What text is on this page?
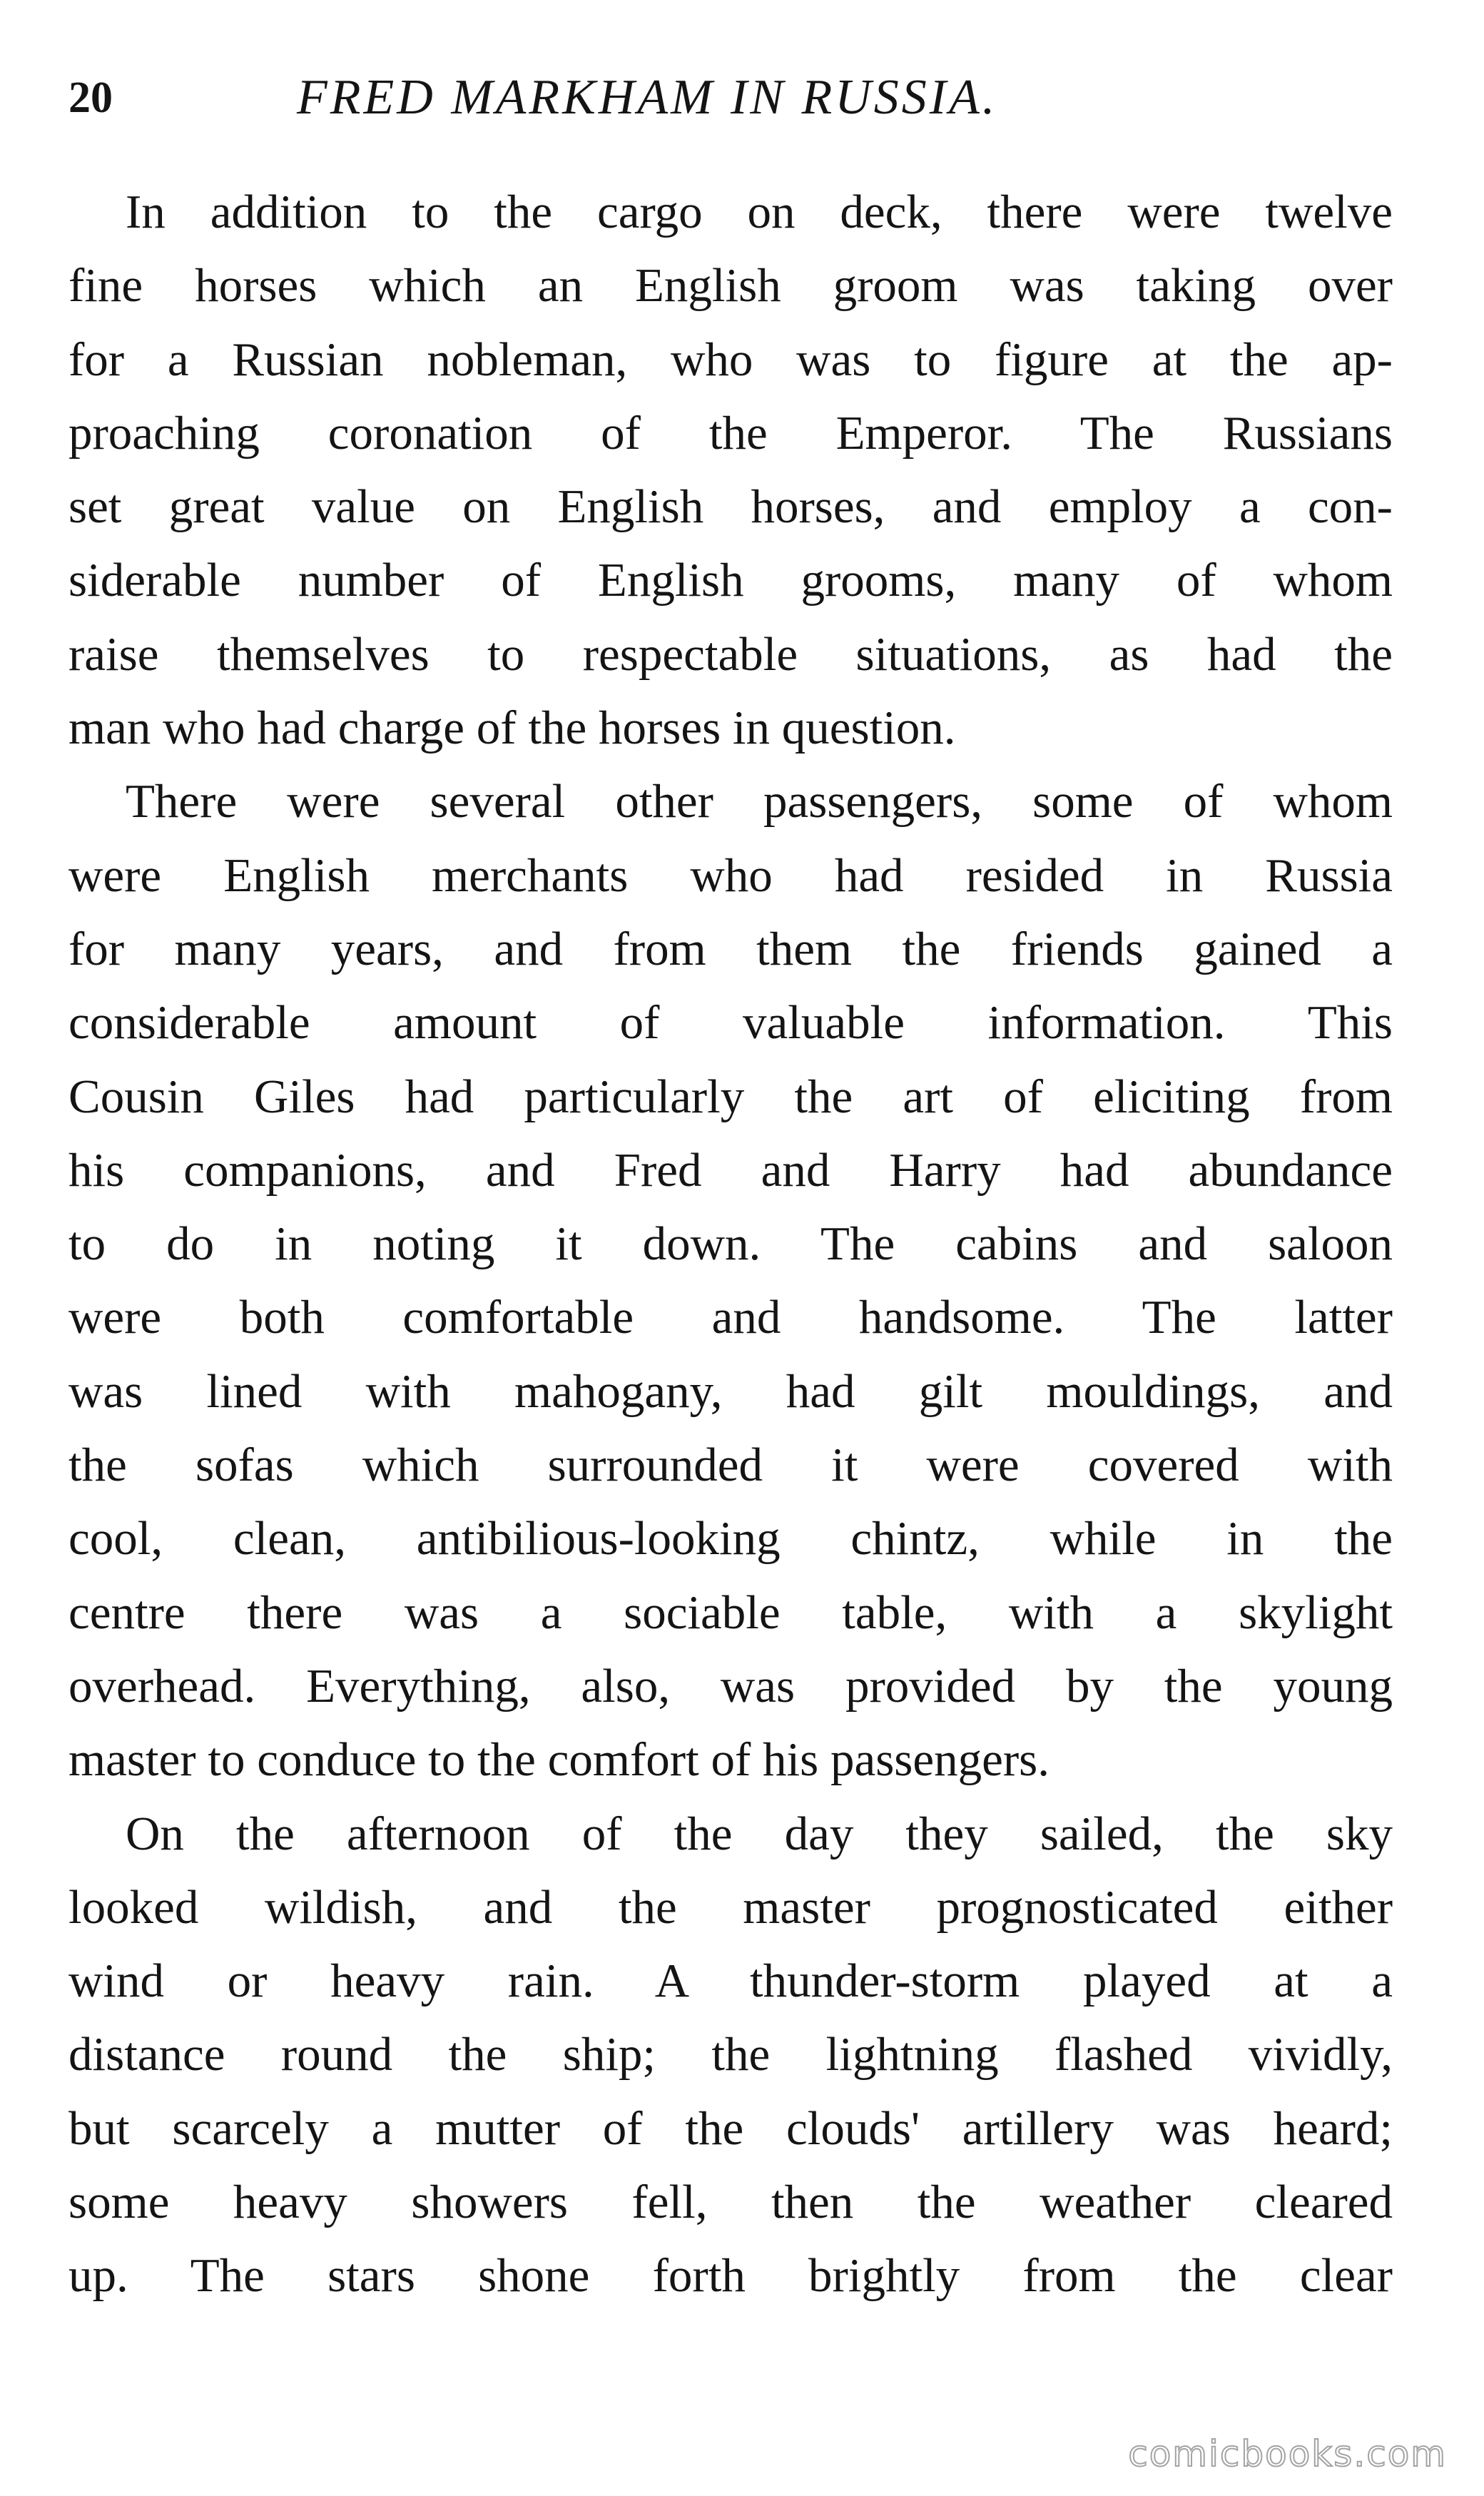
20	FRED MARKHAM IN RUSSIA.
In addition to the cargo on deck, there were twelve
fine horses which an English groom was taking over
for a Russian nobleman, who was to figure at the ap-
proaching coronation of the Emperor. The Russians
set great value on English horses, and employ a con-
siderable number of English grooms, many of whom
raise themselves to respectable situations, as had the
man who had charge of the horses in question.
There were several other passengers, some of whom
were English merchants who had resided in Russia
for many years, and from them the friends gained a
considerable amount of valuable information. This
Cousin Giles had particularly the art of eliciting from
his companions, and Fred and Harry had abundance
to do in noting it down. The cabins and saloon
were both comfortable and handsome. The latter
was lined with mahogany, had gilt mouldings, and
the sofas which surrounded it were covered with
cool, clean, antibilious-looking chintz, while in the
centre there was a sociable table, with a skylight
overhead. Everything, also, was provided by the young
master to conduce to the comfort of his passengers.
On the afternoon of the day they sailed, the sky
looked wildish, and the master prognosticated either
wind or heavy rain. A thunder-storm played at a
distance round the ship; the lightning flashed vividly,
but scarcely a mutter of the clouds' artillery was heard;
some heavy showers fell, then the weather cleared
up. The stars shone forth brightly from the clear
comicbooks.com
